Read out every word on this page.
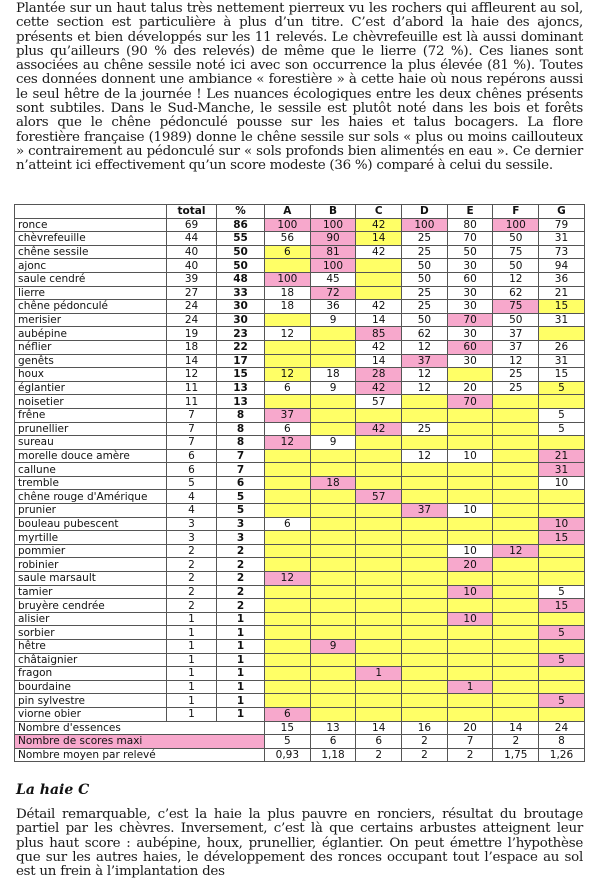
Plantée sur un haut talus très nettement pierreux vu les rochers qui affleurent au sol, cette section est particulière à plus d’un titre. C’est d’abord la haie des ajoncs, présents et bien développés sur les 11 relevés. Le chèvrefeuille est là aussi dominant plus qu’ailleurs (90 % des relevés) de même que le lierre (72 %). Ces lianes sont associées au chêne sessile noté ici avec son occurrence la plus élevée (81 %). Toutes ces données donnent une ambiance « forestière » à cette haie où nous repérons aussi le seul hêtre de la journée ! Les nuances écologiques entre les deux chênes présents sont subtiles. Dans le Sud-Manche, le sessile est plutôt noté dans les bois et forêts alors que le chêne pédonculé pousse sur les haies et talus bocagers. La flore forestière française (1989) donne le chêne sessile sur sols « plus ou moins caillouteux » contrairement au pédonculé sur « sols profonds bien alimentés en eau ». Ce dernier n’atteint ici effectivement qu’un score modeste (36 %) comparé à celui du sessile.

	total	%	A	B	C	D	E	F	G
ronce	69	86	100	100	42	100	80	100	79
chèvrefeuille	44	55	56	90	14	25	70	50	31
chêne sessile	40	50	6	81	42	25	50	75	73
ajonc	40	50		100		50	30	50	94
saule cendré	39	48	100	45		50	60	12	36
lierre	27	33	18	72		25	30	62	21
chêne pédonculé	24	30	18	36	42	25	30	75	15
merisier	24	30		9	14	50	70	50	31
aubépine	19	23	12		85	62	30	37	
néflier	18	22			42	12	60	37	26
genêts	14	17			14	37	30	12	31
houx	12	15	12	18	28	12		25	15
églantier	11	13	6	9	42	12	20	25	5
noisetier	11	13			57		70		
frêne	7	8	37						5
prunellier	7	8	6		42	25			5
sureau	7	8	12	9					
morelle douce amère	6	7				12	10		21
callune	6	7							31
tremble	5	6		18					10
chêne rouge d'Amérique	4	5			57				
prunier	4	5				37	10		
bouleau pubescent	3	3	6						10
myrtille	3	3							15
pommier	2	2					10	12	
robinier	2	2					20		
saule marsault	2	2	12						
tamier	2	2					10		5
bruyère cendrée	2	2							15
alisier	1	1					10		
sorbier	1	1							5
hêtre	1	1		9					
châtaignier	1	1							5
fragon	1	1			1				
bourdaine	1	1					1		
pin sylvestre	1	1							5
viorne obier	1	1	6						
Nombre d'essences			15	13	14	16	20	14	24
Nombre de scores maxi			5	6	6	2	7	2	8
Nombre moyen par relevé			0,93	1,18	2	2	2	1,75	1,26
La haie C

Détail remarquable, c’est la haie la plus pauvre en ronciers, résultat du broutage partiel par les chèvres. Inversement, c’est là que certains arbustes atteignent leur plus haut score : aubépine, houx, prunellier, églantier. On peut émettre l’hypothèse que sur les autres haies, le développement des ronces occupant tout l’espace au sol est un frein à l’implantation des
